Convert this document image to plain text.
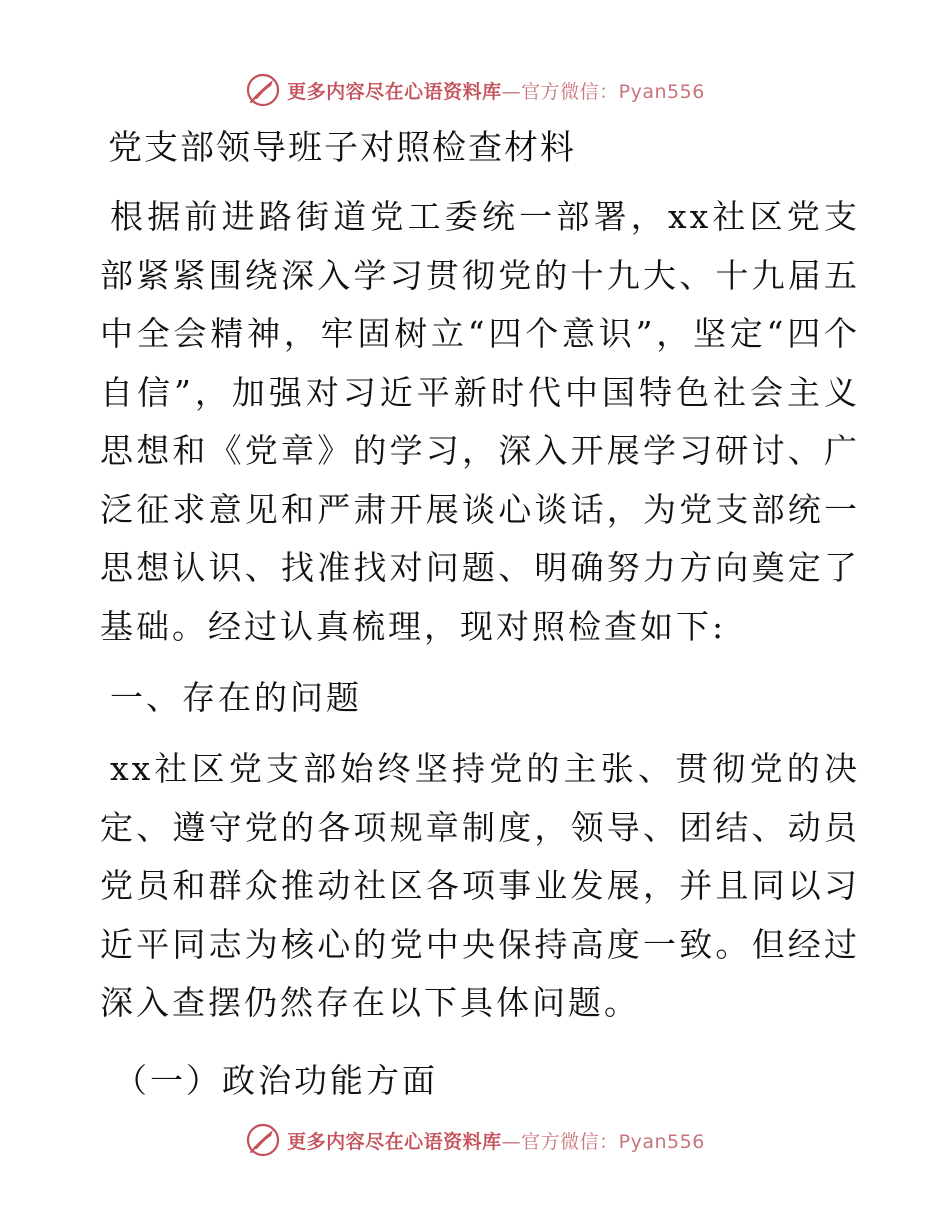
更多内容尽在心语资料库—官方微信：Pyan556
党支部领导班子对照检查材料

根据前进路街道党工委统一部署，xx社区党支部紧紧围绕深入学习贯彻党的十九大、十九届五中全会精神，牢固树立“四个意识”，坚定“四个自信”，加强对习近平新时代中国特色社会主义思想和《党章》的学习，深入开展学习研讨、广泛征求意见和严肃开展谈心谈话，为党支部统一思想认识、找准找对问题、明确努力方向奠定了基础。经过认真梳理，现对照检查如下:

一、存在的问题

xx社区党支部始终坚持党的主张、贯彻党的决定、遵守党的各项规章制度，领导、团结、动员党员和群众推动社区各项事业发展，并且同以习近平同志为核心的党中央保持高度一致。但经过深入查摆仍然存在以下具体问题。

（一）政治功能方面
更多内容尽在心语资料库—官方微信：Pyan556
